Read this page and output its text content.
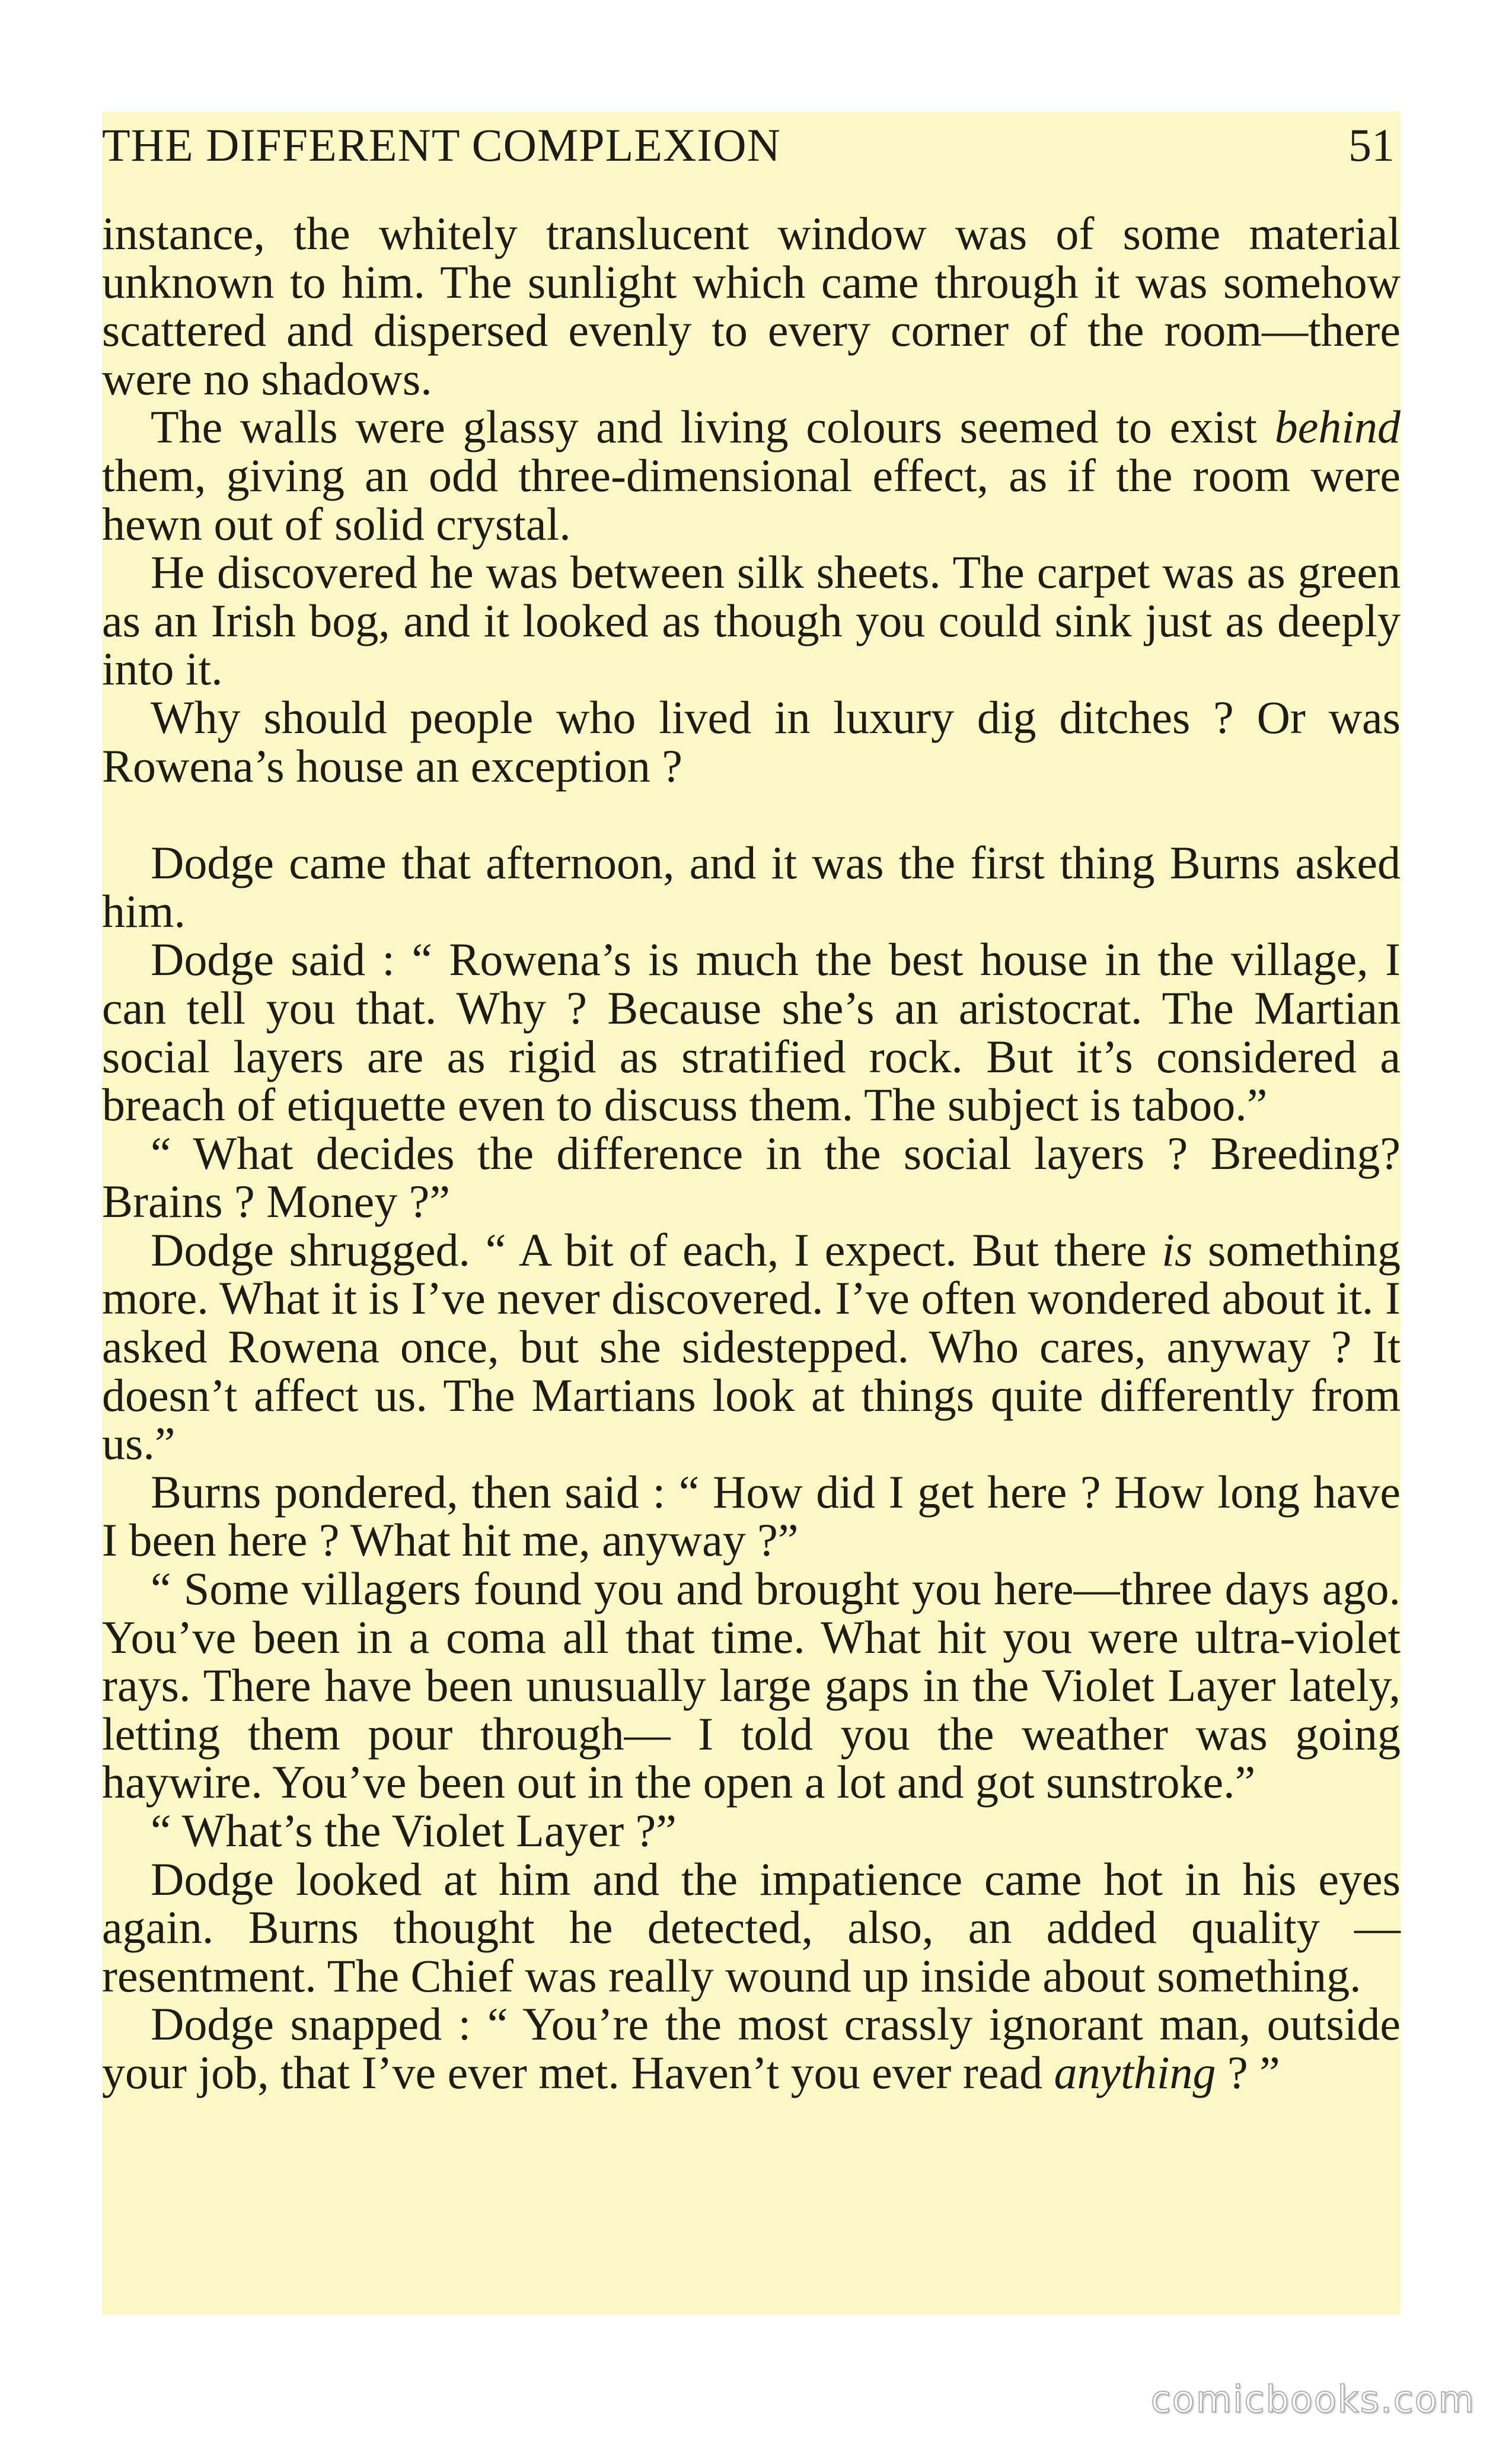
THE DIFFERENT COMPLEXION	51

instance, the whitely translucent window was of some material unknown to him. The sunlight which came through it was somehow scattered and dispersed evenly to every corner of the room—there were no shadows.

The walls were glassy and living colours seemed to exist behind them, giving an odd three-dimensional effect, as if the room were hewn out of solid crystal.

He discovered he was between silk sheets. The carpet was as green as an Irish bog, and it looked as though you could sink just as deeply into it.

Why should people who lived in luxury dig ditches ? Or was Rowena’s house an exception ?

Dodge came that afternoon, and it was the first thing Burns asked him.

Dodge said : “ Rowena’s is much the best house in the village, I can tell you that. Why ? Because she’s an aristocrat. The Martian social layers are as rigid as stratified rock. But it’s considered a breach of etiquette even to discuss them. The subject is taboo.”

“ What decides the difference in the social layers ? Breeding? Brains ? Money ?”

Dodge shrugged. “ A bit of each, I expect. But there is something more. What it is I’ve never discovered. I’ve often wondered about it. I asked Rowena once, but she sidestepped. Who cares, anyway ? It doesn’t affect us. The Martians look at things quite differently from us.”

Burns pondered, then said : “ How did I get here ? How long have I been here ? What hit me, anyway ?”

“ Some villagers found you and brought you here—three days ago. You’ve been in a coma all that time. What hit you were ultra-violet rays. There have been unusually large gaps in the Violet Layer lately, letting them pour through— I told you the weather was going haywire. You’ve been out in the open a lot and got sunstroke.”

“ What’s the Violet Layer ?”

Dodge looked at him and the impatience came hot in his eyes again. Burns thought he detected, also, an added quality —resentment. The Chief was really wound up inside about something.

Dodge snapped : “ You’re the most crassly ignorant man, outside your job, that I’ve ever met. Haven’t you ever read anything ? ”

comicbooks.com
